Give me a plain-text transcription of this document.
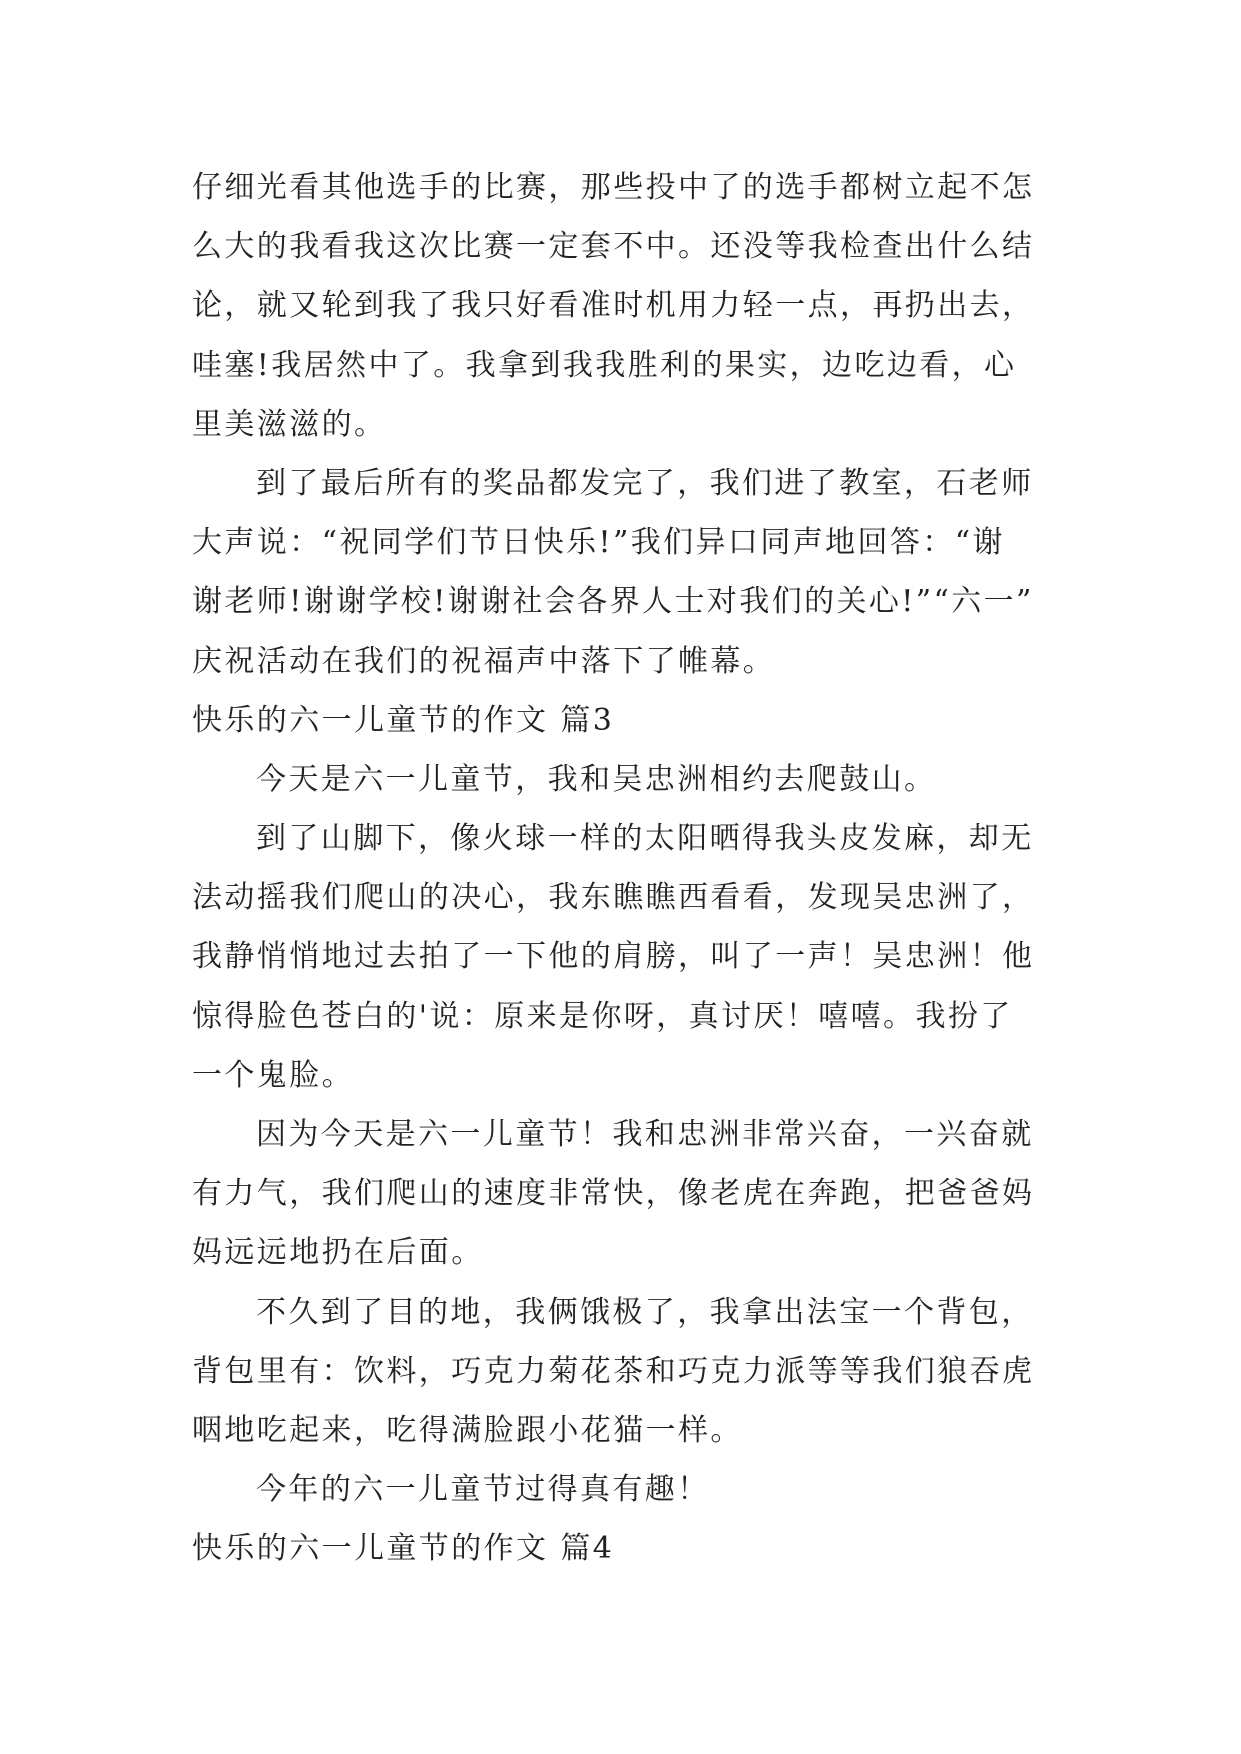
仔细光看其他选手的比赛，那些投中了的选手都树立起不怎
么大的我看我这次比赛一定套不中。还没等我检查出什么结
论，就又轮到我了我只好看准时机用力轻一点，再扔出去，
哇塞!我居然中了。我拿到我我胜利的果实，边吃边看，心
里美滋滋的。
到了最后所有的奖品都发完了，我们进了教室，石老师
大声说：“祝同学们节日快乐!”我们异口同声地回答：“谢
谢老师!谢谢学校!谢谢社会各界人士对我们的关心!”“六一”
庆祝活动在我们的祝福声中落下了帷幕。
快乐的六一儿童节的作文 篇3
今天是六一儿童节，我和吴忠洲相约去爬鼓山。
到了山脚下，像火球一样的太阳晒得我头皮发麻，却无
法动摇我们爬山的决心，我东瞧瞧西看看，发现吴忠洲了，
我静悄悄地过去拍了一下他的肩膀，叫了一声！吴忠洲！他
惊得脸色苍白的'说：原来是你呀，真讨厌！嘻嘻。我扮了
一个鬼脸。
因为今天是六一儿童节！我和忠洲非常兴奋，一兴奋就
有力气，我们爬山的速度非常快，像老虎在奔跑，把爸爸妈
妈远远地扔在后面。
不久到了目的地，我俩饿极了，我拿出法宝一个背包，
背包里有：饮料，巧克力菊花茶和巧克力派等等我们狼吞虎
咽地吃起来，吃得满脸跟小花猫一样。
今年的六一儿童节过得真有趣！
快乐的六一儿童节的作文 篇4
